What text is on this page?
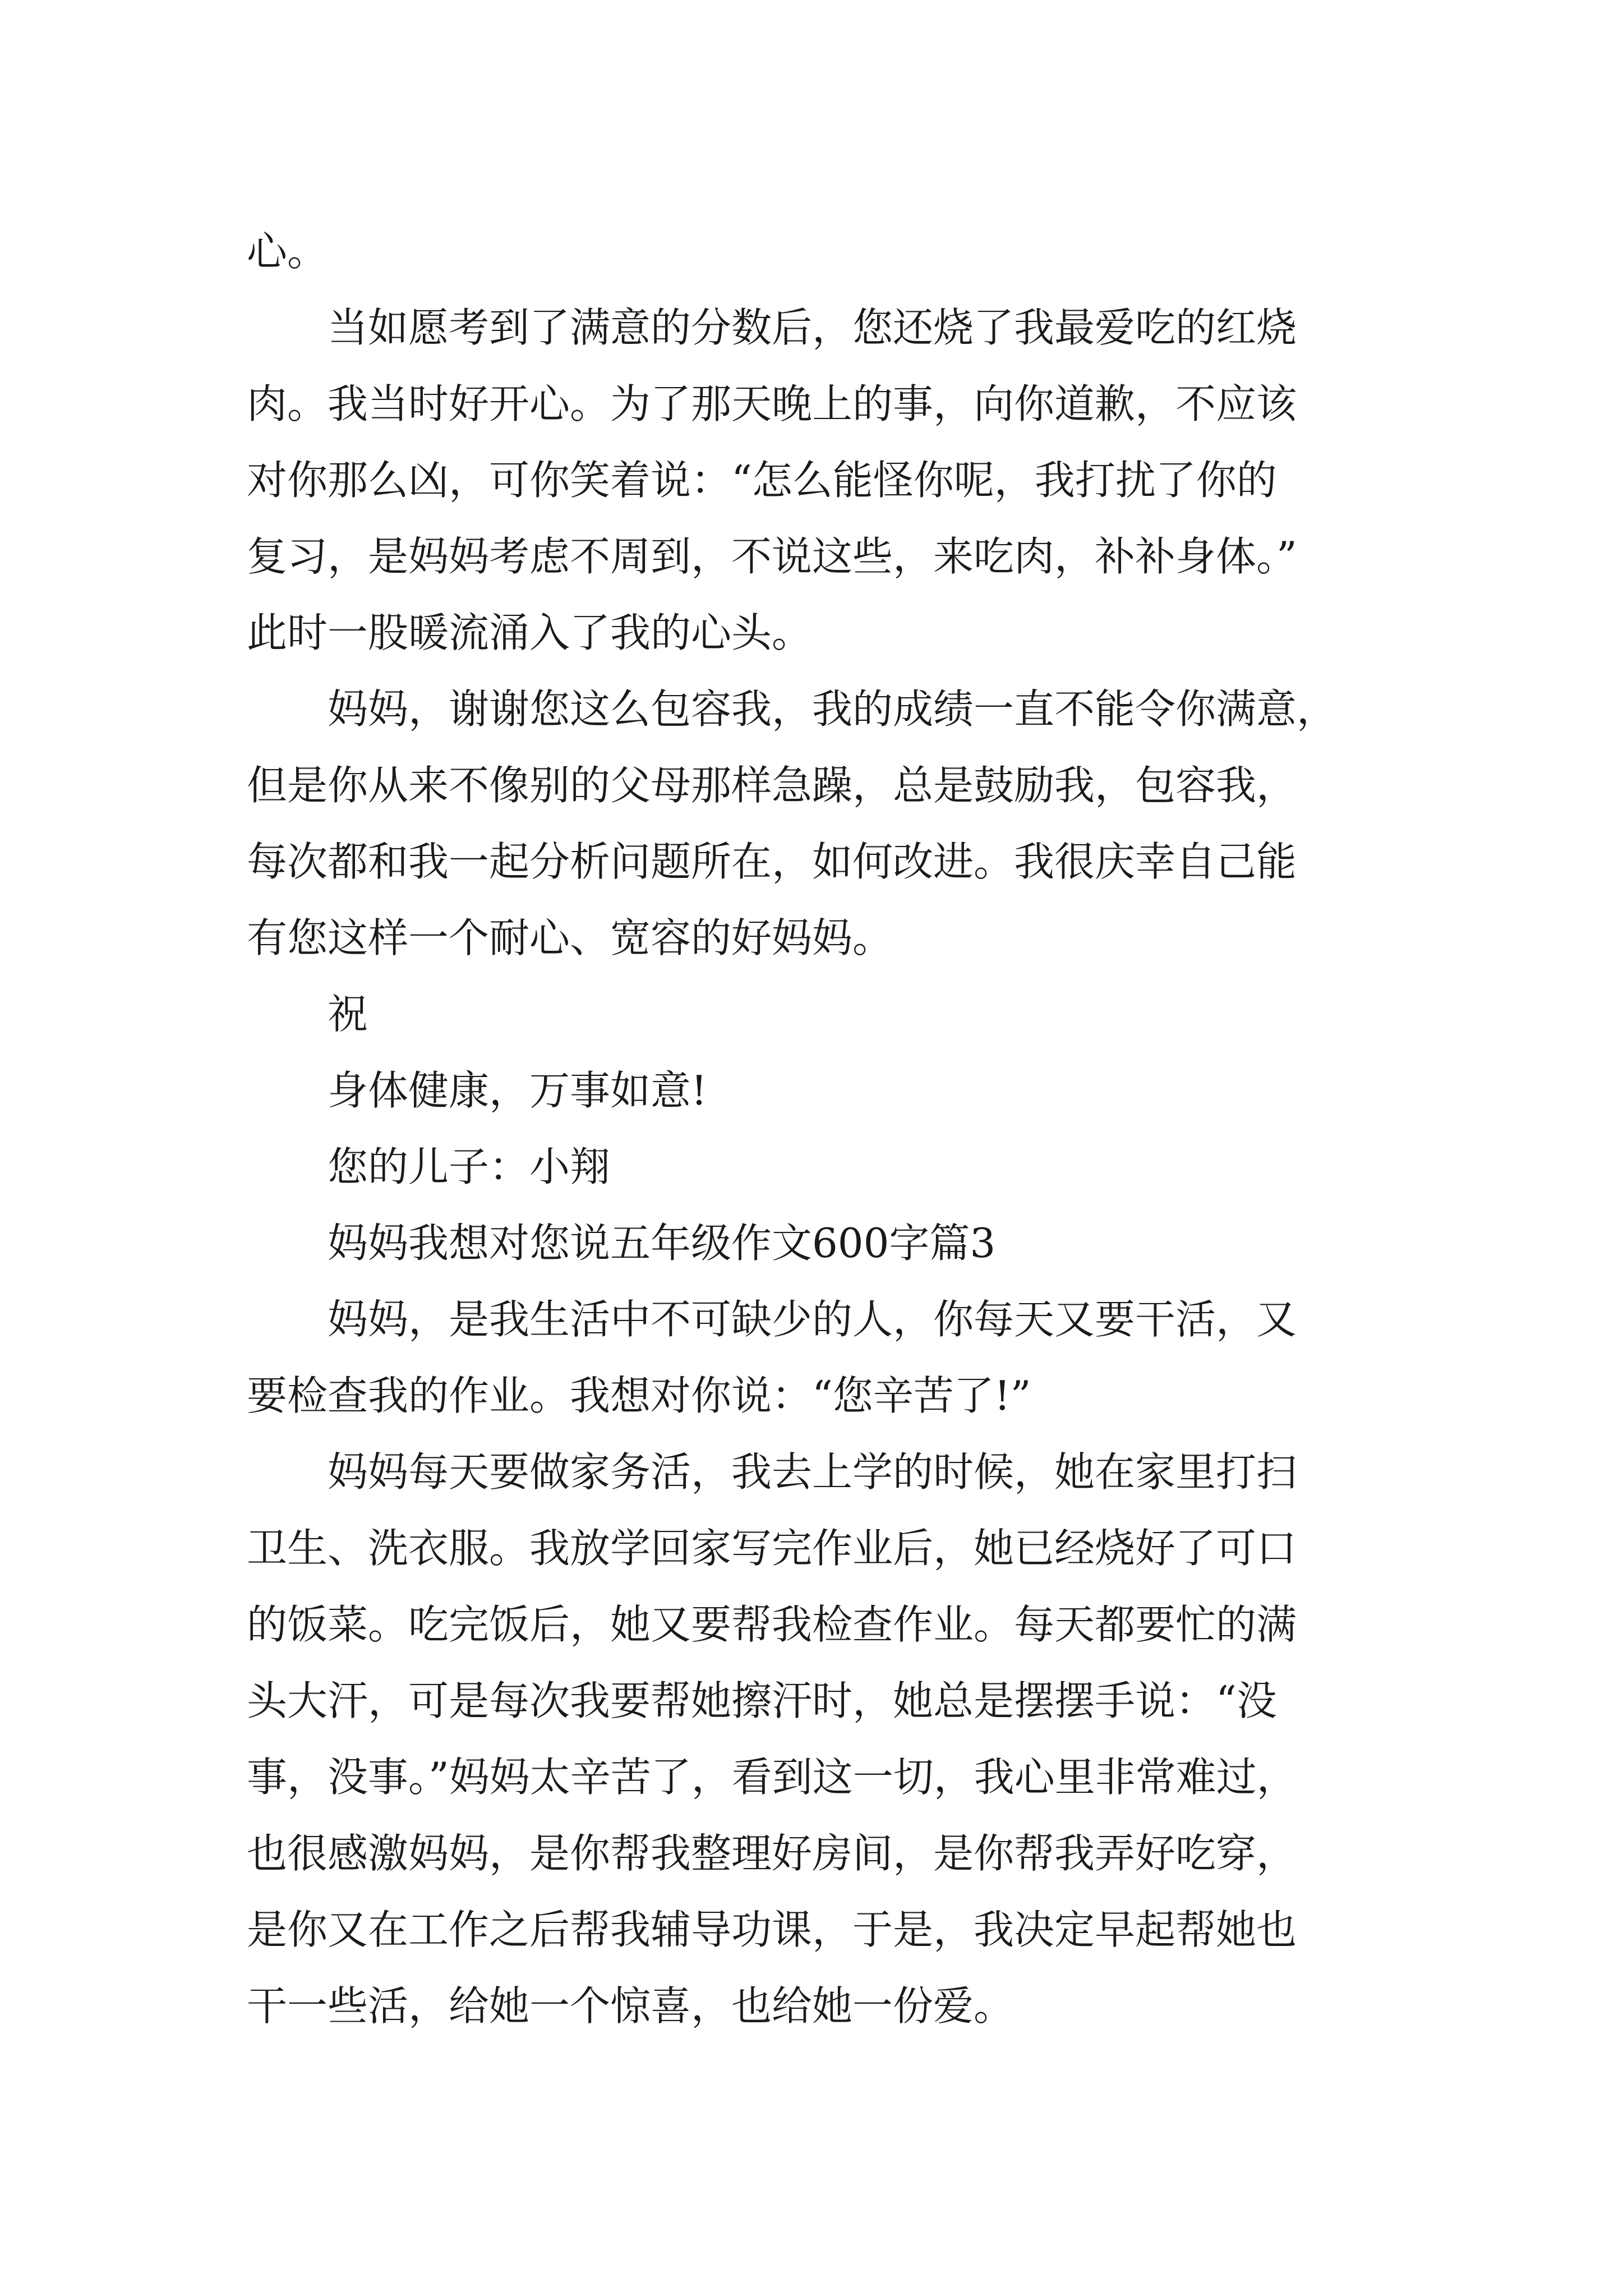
心。
当如愿考到了满意的分数后，您还烧了我最爱吃的红烧
肉。我当时好开心。为了那天晚上的事，向你道歉，不应该
对你那么凶，可你笑着说：“怎么能怪你呢，我打扰了你的
复习，是妈妈考虑不周到，不说这些，来吃肉，补补身体。”
此时一股暖流涌入了我的心头。
妈妈，谢谢您这么包容我，我的成绩一直不能令你满意，
但是你从来不像别的父母那样急躁，总是鼓励我，包容我，
每次都和我一起分析问题所在，如何改进。我很庆幸自己能
有您这样一个耐心、宽容的好妈妈。
祝
身体健康，万事如意!
您的儿子：小翔
妈妈我想对您说五年级作文600字篇3
妈妈，是我生活中不可缺少的人，你每天又要干活，又
要检查我的作业。我想对你说：“您辛苦了!”
妈妈每天要做家务活，我去上学的时候，她在家里打扫
卫生、洗衣服。我放学回家写完作业后，她已经烧好了可口
的饭菜。吃完饭后，她又要帮我检查作业。每天都要忙的满
头大汗，可是每次我要帮她擦汗时，她总是摆摆手说：“没
事，没事。”妈妈太辛苦了，看到这一切，我心里非常难过，
也很感激妈妈，是你帮我整理好房间，是你帮我弄好吃穿，
是你又在工作之后帮我辅导功课，于是，我决定早起帮她也
干一些活，给她一个惊喜，也给她一份爱。
